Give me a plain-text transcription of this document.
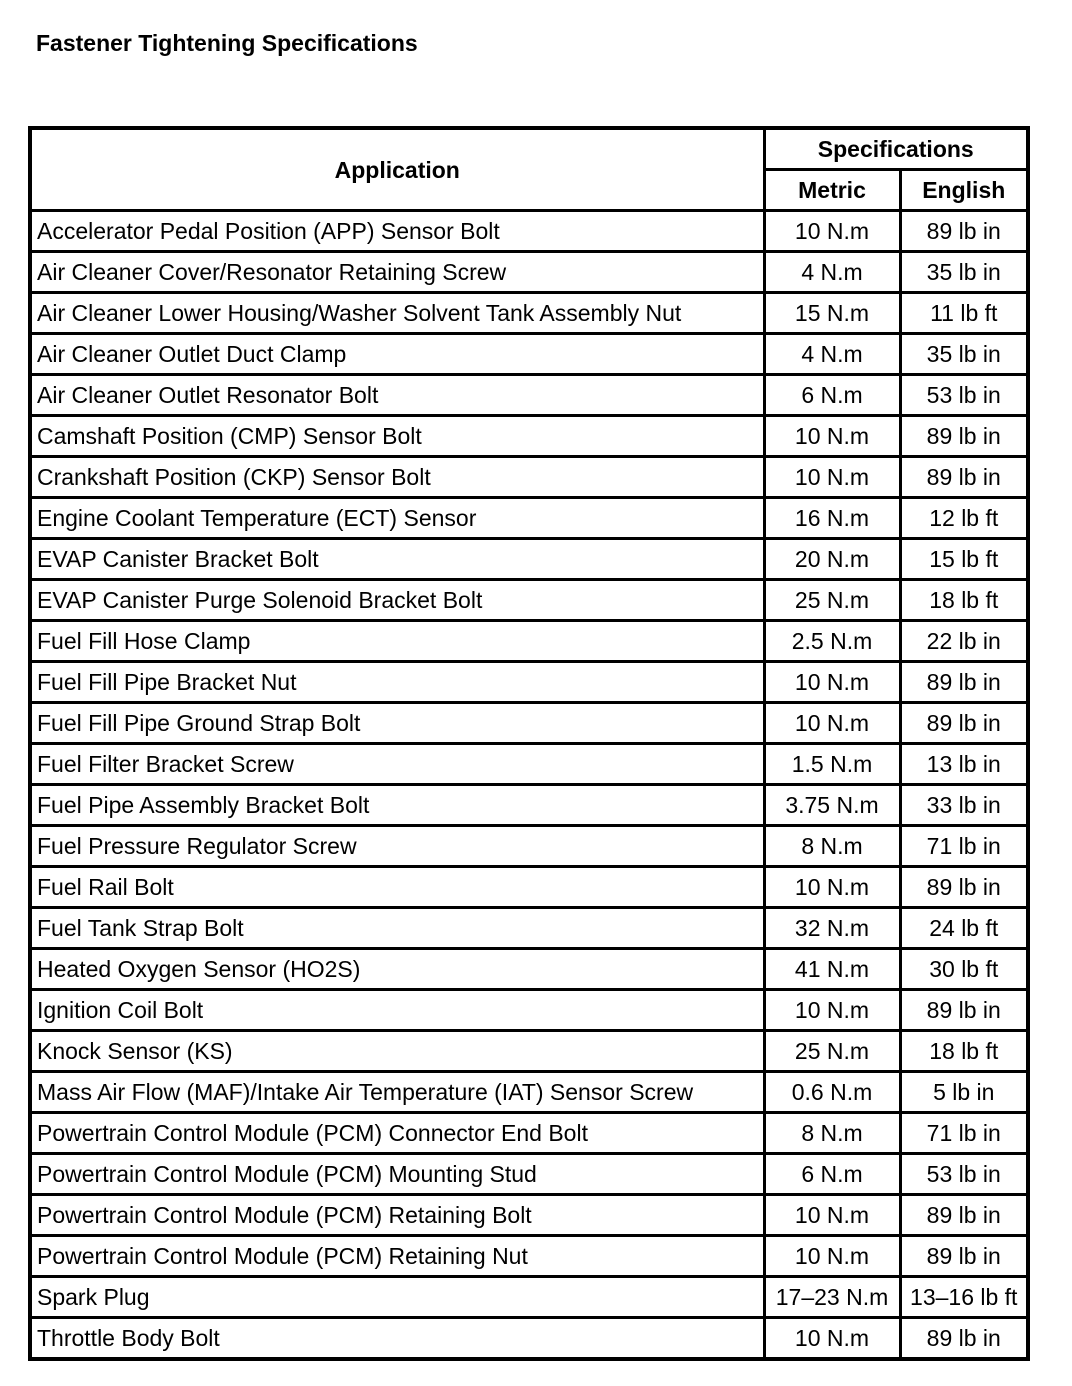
Fastener Tightening Specifications
Application	Specifications	
	Metric	English
Accelerator Pedal Position (APP) Sensor Bolt	10 N.m	89 lb in
Air Cleaner Cover/Resonator Retaining Screw	4 N.m	35 lb in
Air Cleaner Lower Housing/Washer Solvent Tank Assembly Nut	15 N.m	11 lb ft
Air Cleaner Outlet Duct Clamp	4 N.m	35 lb in
Air Cleaner Outlet Resonator Bolt	6 N.m	53 lb in
Camshaft Position (CMP) Sensor Bolt	10 N.m	89 lb in
Crankshaft Position (CKP) Sensor Bolt	10 N.m	89 lb in
Engine Coolant Temperature (ECT) Sensor	16 N.m	12 lb ft
EVAP Canister Bracket Bolt	20 N.m	15 lb ft
EVAP Canister Purge Solenoid Bracket Bolt	25 N.m	18 lb ft
Fuel Fill Hose Clamp	2.5 N.m	22 lb in
Fuel Fill Pipe Bracket Nut	10 N.m	89 lb in
Fuel Fill Pipe Ground Strap Bolt	10 N.m	89 lb in
Fuel Filter Bracket Screw	1.5 N.m	13 lb in
Fuel Pipe Assembly Bracket Bolt	3.75 N.m	33 lb in
Fuel Pressure Regulator Screw	8 N.m	71 lb in
Fuel Rail Bolt	10 N.m	89 lb in
Fuel Tank Strap Bolt	32 N.m	24 lb ft
Heated Oxygen Sensor (HO2S)	41 N.m	30 lb ft
Ignition Coil Bolt	10 N.m	89 lb in
Knock Sensor (KS)	25 N.m	18 lb ft
Mass Air Flow (MAF)/Intake Air Temperature (IAT) Sensor Screw	0.6 N.m	5 lb in
Powertrain Control Module (PCM) Connector End Bolt	8 N.m	71 lb in
Powertrain Control Module (PCM) Mounting Stud	6 N.m	53 lb in
Powertrain Control Module (PCM) Retaining Bolt	10 N.m	89 lb in
Powertrain Control Module (PCM) Retaining Nut	10 N.m	89 lb in
Spark Plug	17–23 N.m	13–16 lb ft
Throttle Body Bolt	10 N.m	89 lb in
